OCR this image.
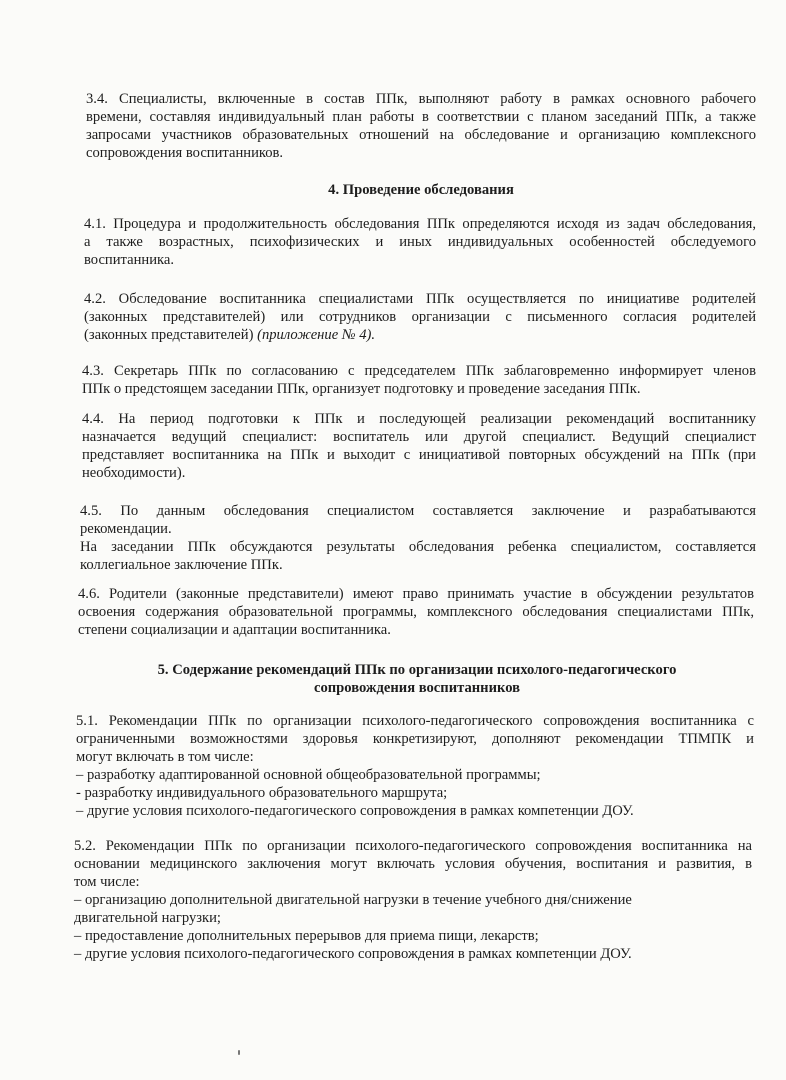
3.4. Специалисты, включенные в состав ППк, выполняют работу в рамках основного рабочего
времени, составляя индивидуальный план работы в соответствии с планом заседаний ППк, а также
запросами участников образовательных отношений на обследование и организацию комплексного
сопровождения воспитанников.
4. Проведение обследования
4.1. Процедура и продолжительность обследования ППк определяются исходя из задач обследования,
а также возрастных, психофизических и иных индивидуальных особенностей обследуемого
воспитанника.
4.2. Обследование воспитанника специалистами ППк осуществляется по инициативе родителей
(законных представителей) или сотрудников организации с письменного согласия родителей
(законных представителей) (приложение № 4).
4.3. Секретарь ППк по согласованию с председателем ППк заблаговременно информирует членов
ППк о предстоящем заседании ППк, организует подготовку и проведение заседания ППк.
4.4. На период подготовки к ППк и последующей реализации рекомендаций воспитаннику
назначается ведущий специалист: воспитатель или другой специалист. Ведущий специалист
представляет воспитанника на ППк и выходит с инициативой повторных обсуждений на ППк (при
необходимости).
4.5. По данным обследования специалистом составляется заключение и разрабатываются
рекомендации.
На заседании ППк обсуждаются результаты обследования ребенка специалистом, составляется
коллегиальное заключение ППк.
4.6. Родители (законные представители) имеют право принимать участие в обсуждении результатов
освоения содержания образовательной программы, комплексного обследования специалистами ППк,
степени социализации и адаптации воспитанника.
5. Содержание рекомендаций ППк по организации психолого-педагогического
сопровождения воспитанников
5.1. Рекомендации ППк по организации психолого-педагогического сопровождения воспитанника с
ограниченными возможностями здоровья конкретизируют, дополняют рекомендации ТПМПК и
могут включать в том числе:
– разработку адаптированной основной общеобразовательной программы;
- разработку индивидуального образовательного маршрута;
– другие условия психолого-педагогического сопровождения в рамках компетенции ДОУ.
5.2. Рекомендации ППк по организации психолого-педагогического сопровождения воспитанника на
основании медицинского заключения могут включать условия обучения, воспитания и развития, в
том числе:
– организацию дополнительной двигательной нагрузки в течение учебного дня/снижение
двигательной нагрузки;
– предоставление дополнительных перерывов для приема пищи, лекарств;
– другие условия психолого-педагогического сопровождения в рамках компетенции ДОУ.
